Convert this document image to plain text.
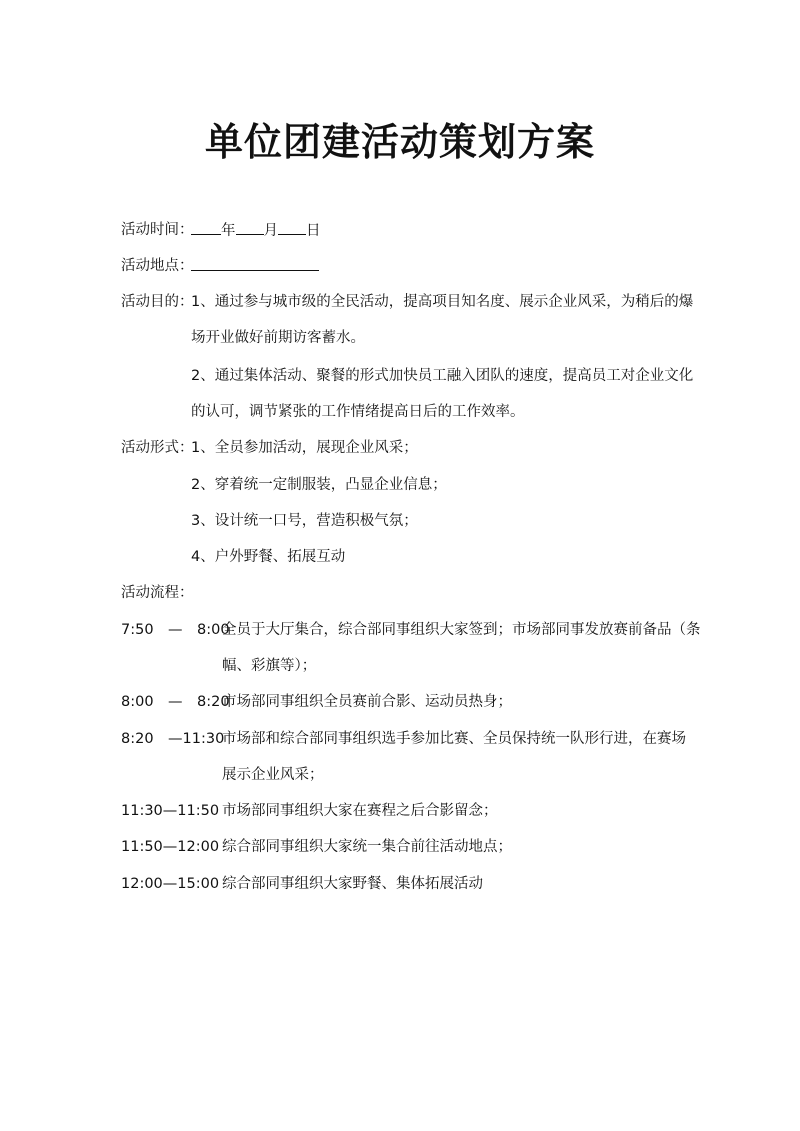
单位团建活动策划方案
活动时间：	年 月 日
活动地点：
活动目的：
1、通过参与城市级的全民活动，提高项目知名度、展示企业风采，为稍后的爆
场开业做好前期访客蓄水。
2、通过集体活动、聚餐的形式加快员工融入团队的速度，提高员工对企业文化
的认可，调节紧张的工作情绪提高日后的工作效率。
活动形式：
1、全员参加活动，展现企业风采；
2、穿着统一定制服装，凸显企业信息；
3、设计统一口号，营造积极气氛；
4、户外野餐、拓展互动
活动流程：
7:50　—　8:00
全员于大厅集合，综合部同事组织大家签到；市场部同事发放赛前备品（条
幅、彩旗等）；
8:00　—　8:20
市场部同事组织全员赛前合影、运动员热身；
8:20　—11:30
市场部和综合部同事组织选手参加比赛、全员保持统一队形行进，在赛场
展示企业风采；
11:30—11:50 市场部同事组织大家在赛程之后合影留念；
11:50—12:00 综合部同事组织大家统一集合前往活动地点；
12:00—15:00 综合部同事组织大家野餐、集体拓展活动
